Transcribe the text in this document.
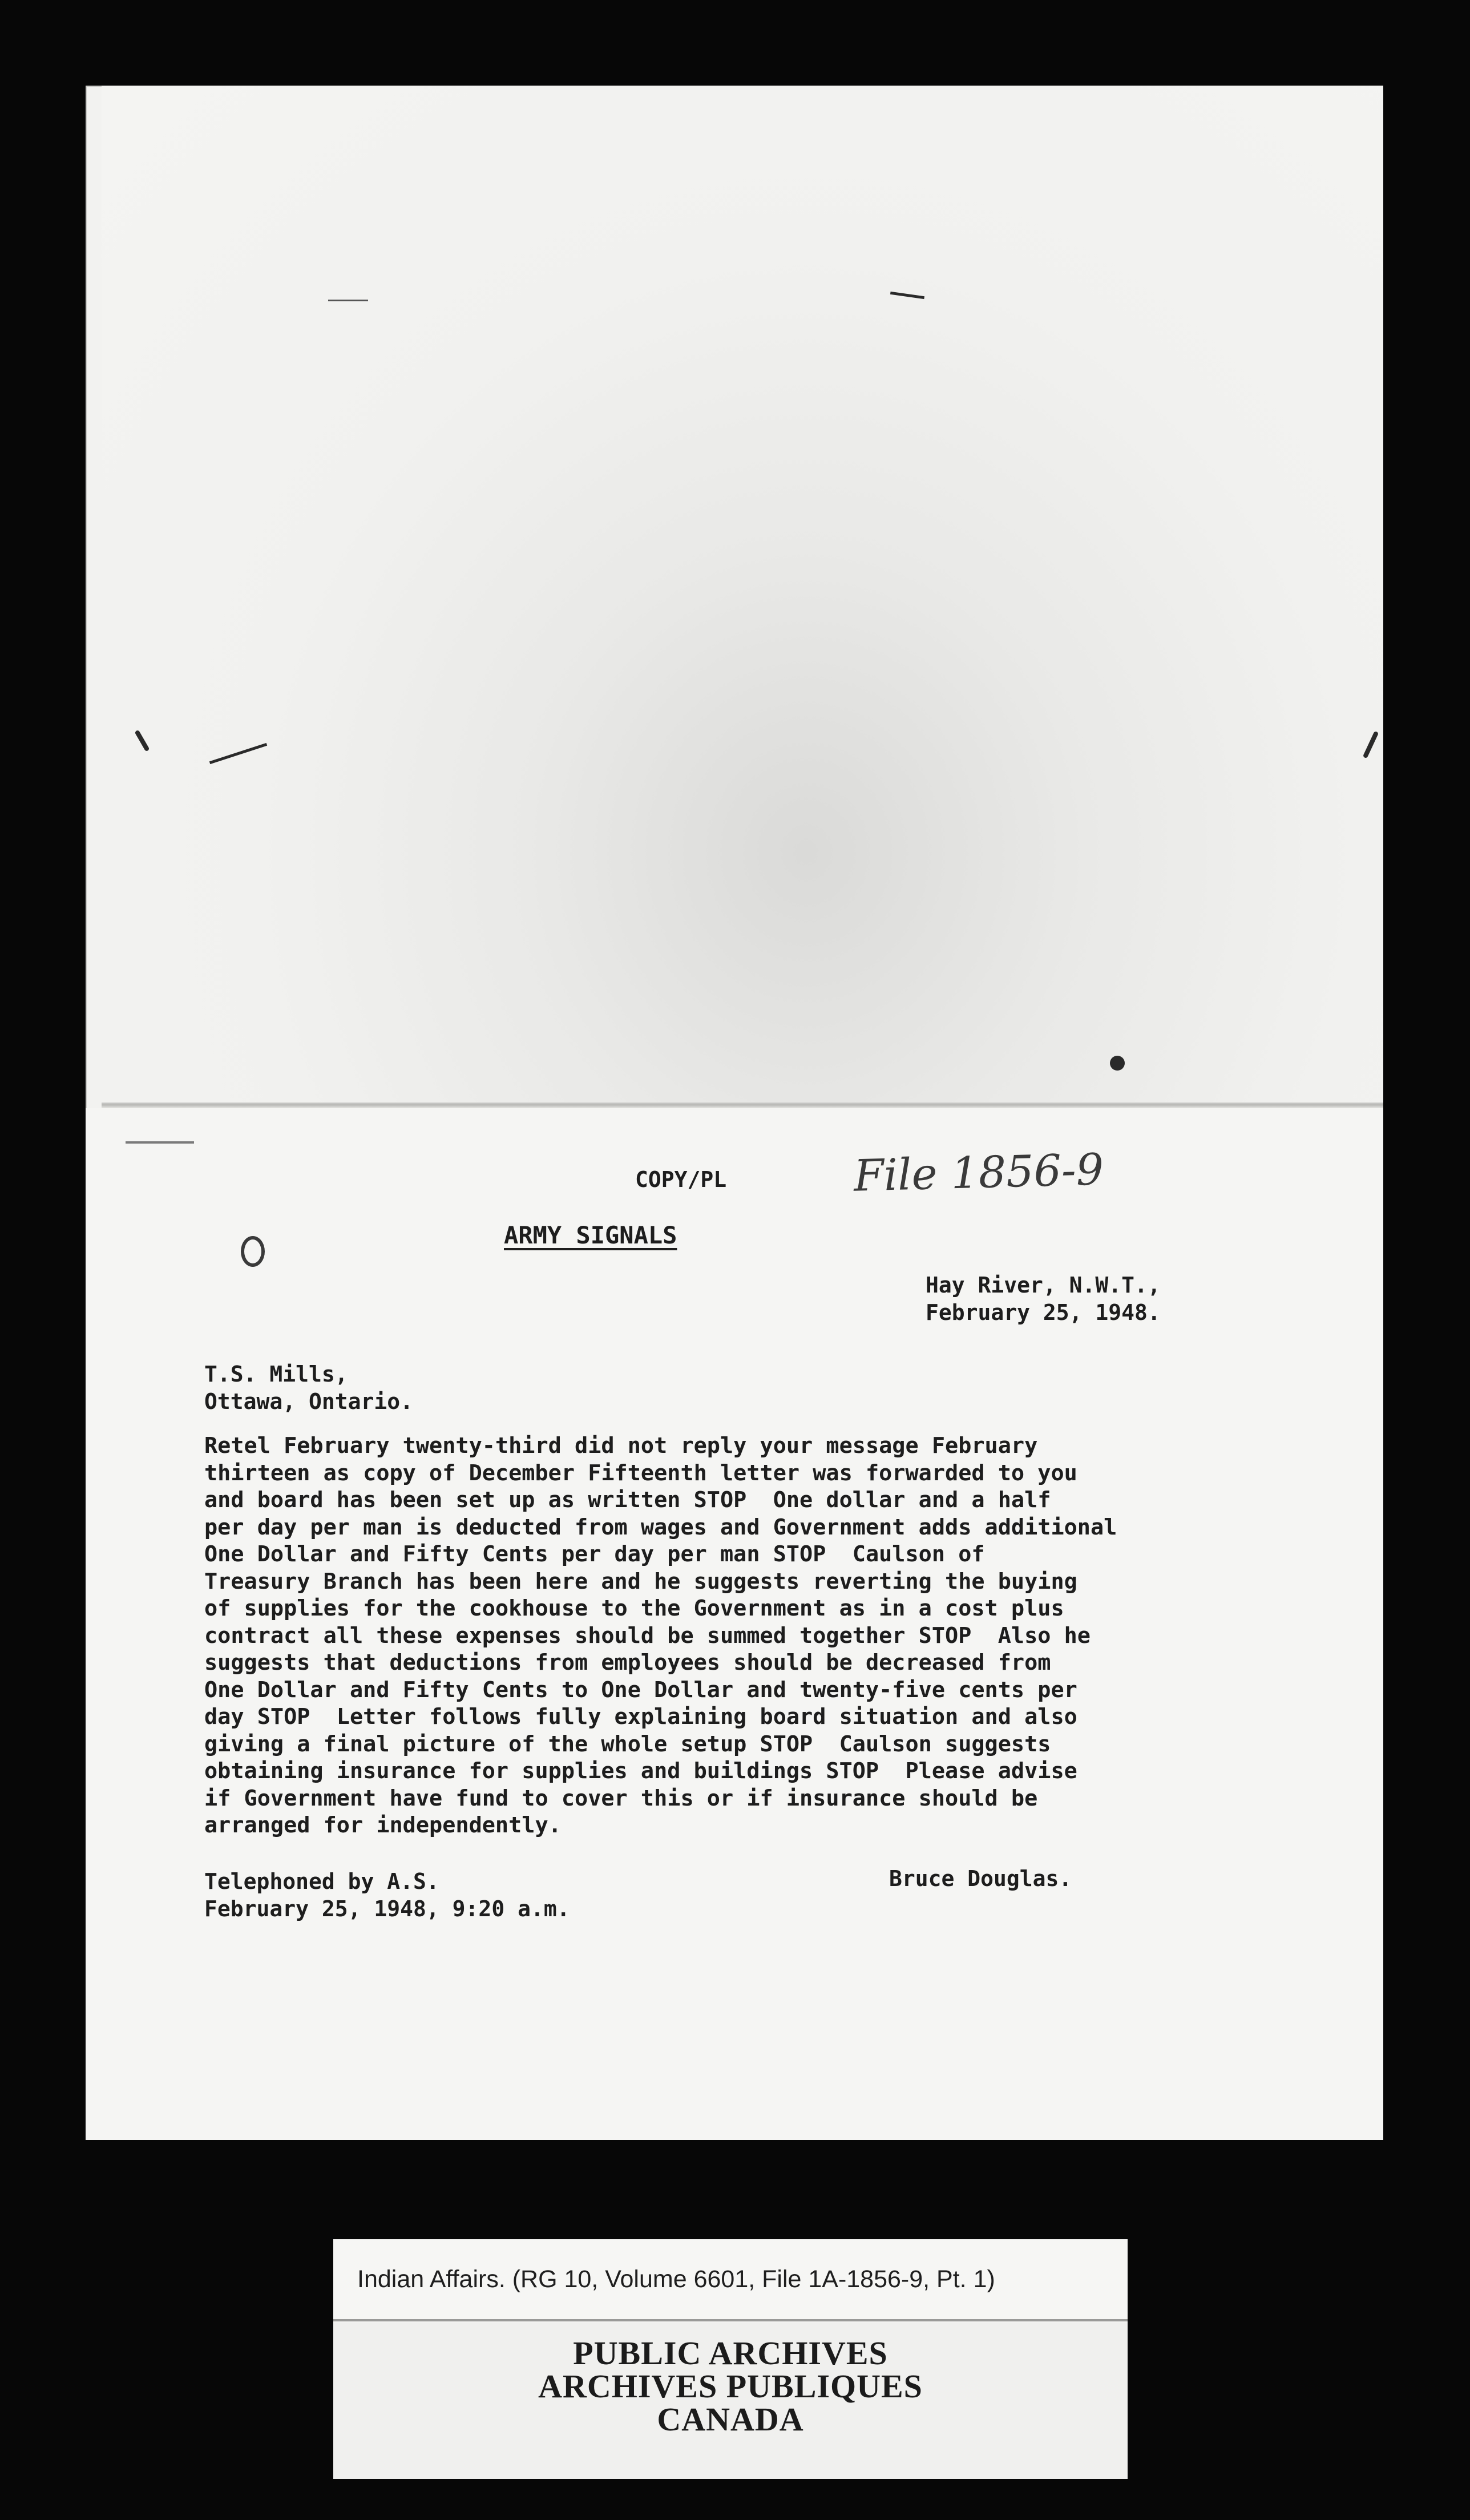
COPY/PL	File 1856-9
ARMY SIGNALS
Hay River, N.W.T.,
February 25, 1948.
T.S. Mills,
Ottawa, Ontario.
Retel February twenty-third did not reply your message February
thirteen as copy of December Fifteenth letter was forwarded to you
and board has been set up as written STOP  One dollar and a half
per day per man is deducted from wages and Government adds additional
One Dollar and Fifty Cents per day per man STOP  Caulson of
Treasury Branch has been here and he suggests reverting the buying
of supplies for the cookhouse to the Government as in a cost plus
contract all these expenses should be summed together STOP  Also he
suggests that deductions from employees should be decreased from
One Dollar and Fifty Cents to One Dollar and twenty-five cents per
day STOP  Letter follows fully explaining board situation and also
giving a final picture of the whole setup STOP  Caulson suggests
obtaining insurance for supplies and buildings STOP  Please advise
if Government have fund to cover this or if insurance should be
arranged for independently.
Telephoned by A.S.
February 25, 1948, 9:20 a.m.
Bruce Douglas.
Indian Affairs. (RG 10, Volume 6601, File 1A-1856-9, Pt. 1)
PUBLIC ARCHIVES
ARCHIVES PUBLIQUES
CANADA
